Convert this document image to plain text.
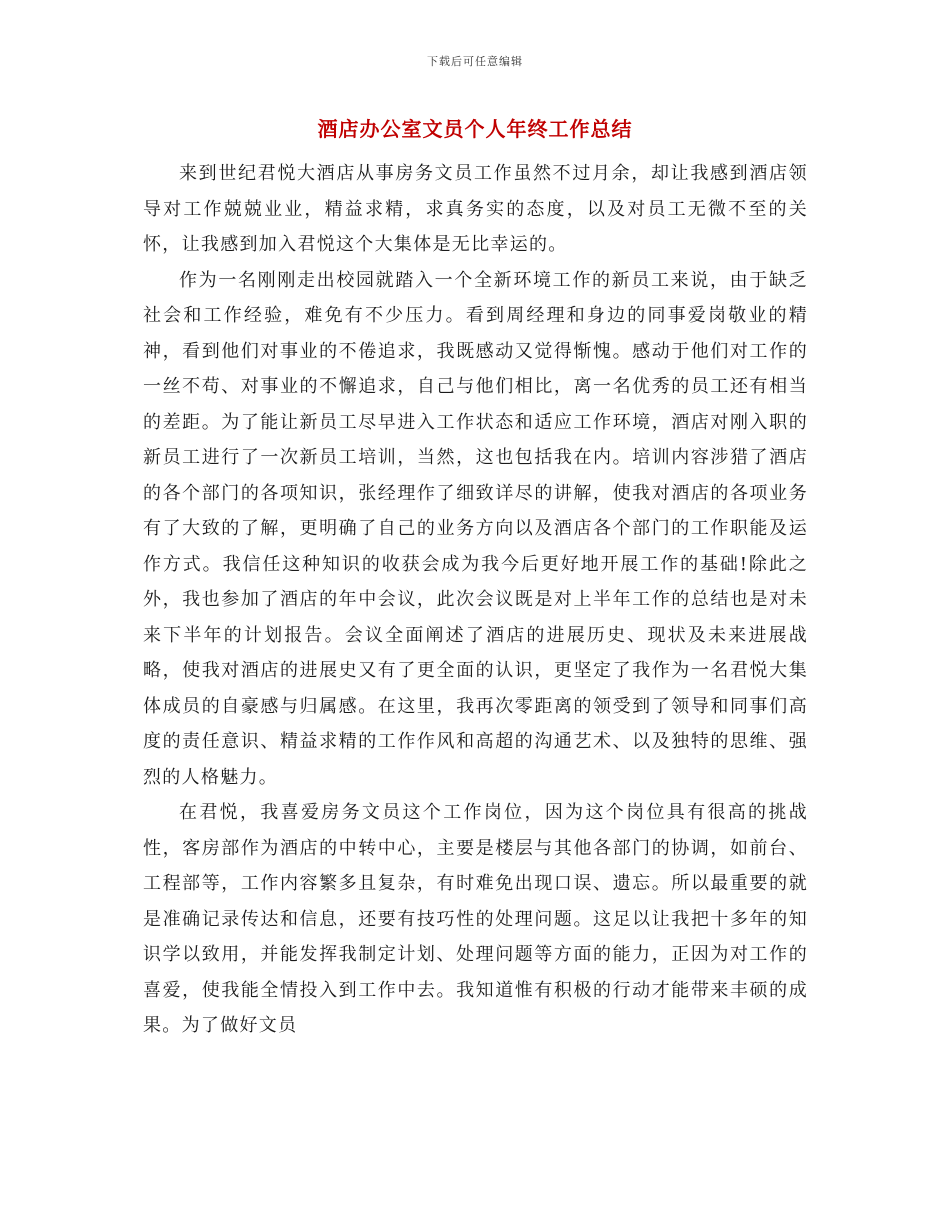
下载后可任意编辑
酒店办公室文员个人年终工作总结

来到世纪君悦大酒店从事房务文员工作虽然不过月余，却让我感到酒店领导对工作兢兢业业，精益求精，求真务实的态度，以及对员工无微不至的关怀，让我感到加入君悦这个大集体是无比幸运的。

作为一名刚刚走出校园就踏入一个全新环境工作的新员工来说，由于缺乏社会和工作经验，难免有不少压力。看到周经理和身边的同事爱岗敬业的精神，看到他们对事业的不倦追求，我既感动又觉得惭愧。感动于他们对工作的一丝不苟、对事业的不懈追求，自己与他们相比，离一名优秀的员工还有相当的差距。为了能让新员工尽早进入工作状态和适应工作环境，酒店对刚入职的新员工进行了一次新员工培训，当然，这也包括我在内。培训内容涉猎了酒店的各个部门的各项知识，张经理作了细致详尽的讲解，使我对酒店的各项业务有了大致的了解，更明确了自己的业务方向以及酒店各个部门的工作职能及运作方式。我信任这种知识的收获会成为我今后更好地开展工作的基础!除此之外，我也参加了酒店的年中会议，此次会议既是对上半年工作的总结也是对未来下半年的计划报告。会议全面阐述了酒店的进展历史、现状及未来进展战略，使我对酒店的进展史又有了更全面的认识，更坚定了我作为一名君悦大集体成员的自豪感与归属感。在这里，我再次零距离的领受到了领导和同事们高度的责任意识、精益求精的工作作风和高超的沟通艺术、以及独特的思维、强烈的人格魅力。

在君悦，我喜爱房务文员这个工作岗位，因为这个岗位具有很高的挑战性，客房部作为酒店的中转中心，主要是楼层与其他各部门的协调，如前台、工程部等，工作内容繁多且复杂，有时难免出现口误、遗忘。所以最重要的就是准确记录传达和信息，还要有技巧性的处理问题。这足以让我把十多年的知识学以致用，并能发挥我制定计划、处理问题等方面的能力，正因为对工作的喜爱，使我能全情投入到工作中去。我知道惟有积极的行动才能带来丰硕的成果。为了做好文员
